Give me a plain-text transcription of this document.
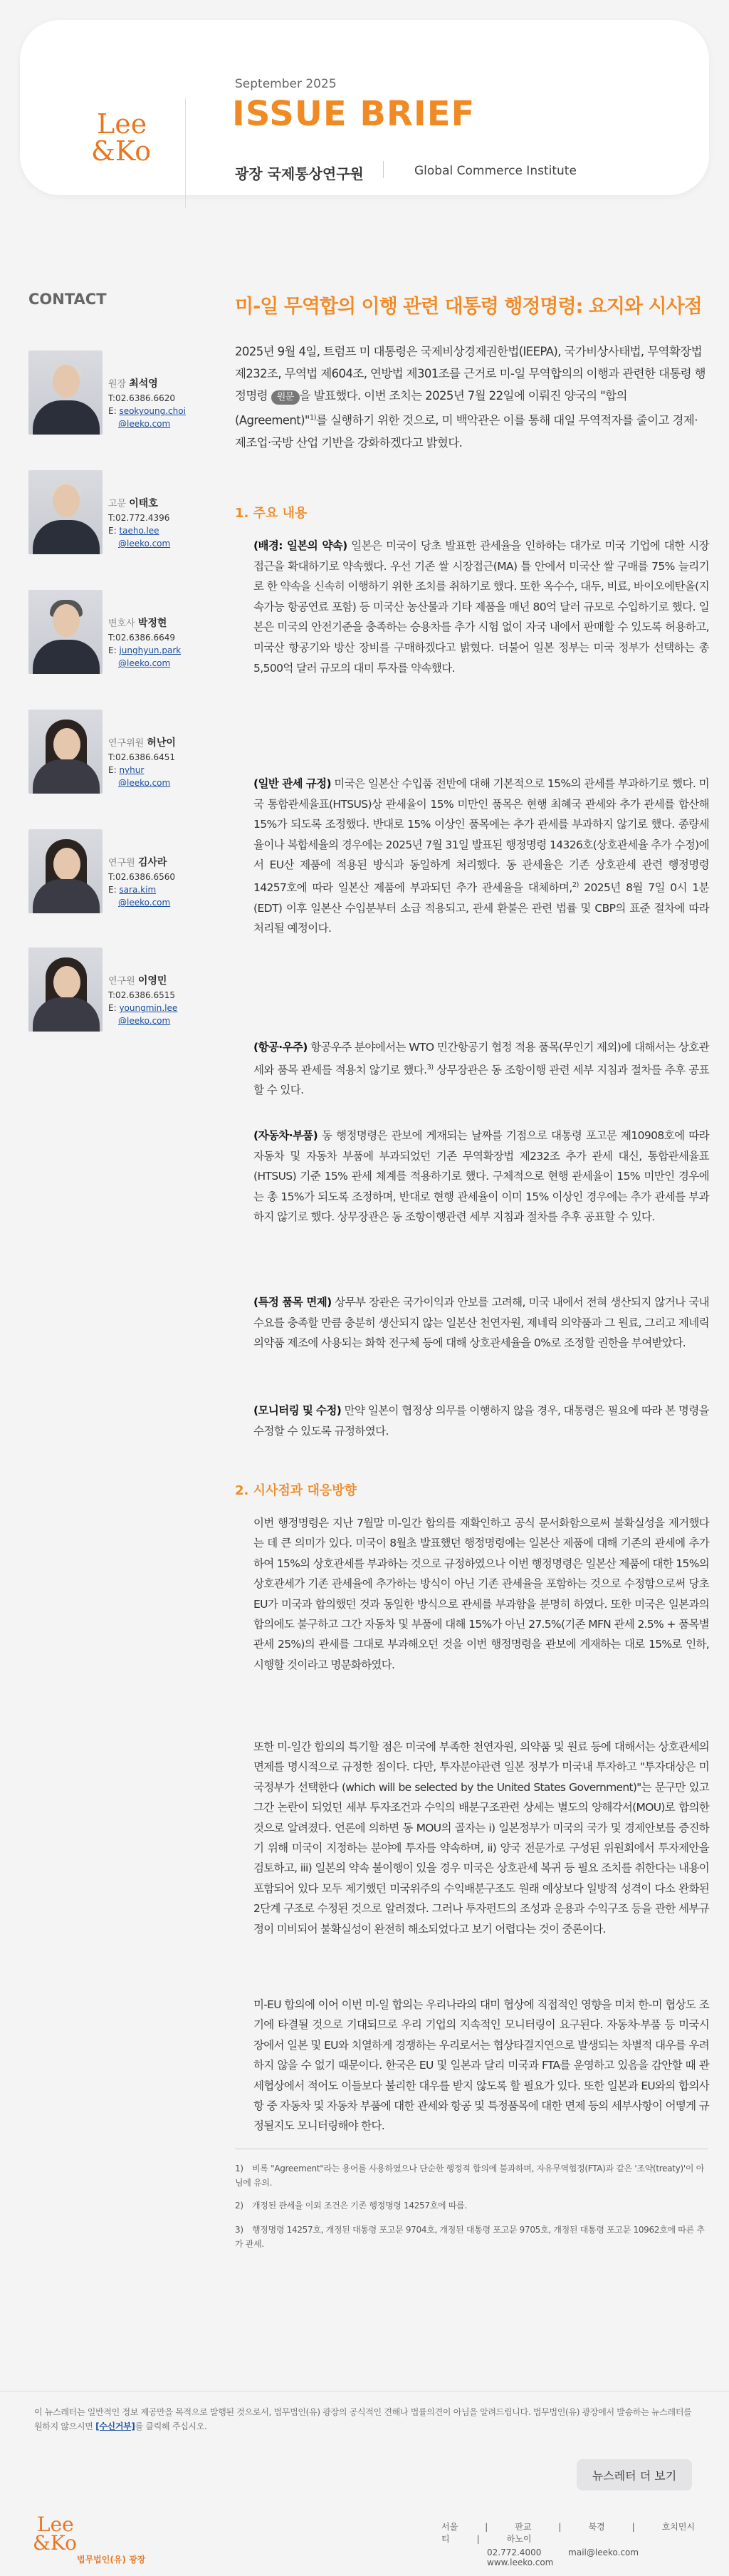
Lee
&Ko
September 2025
ISSUE BRIEF
광장 국제통상연구원	Global Commerce Institute
CONTACT
원장 최석영
T:02.6386.6620
E: seokyoung.choi
@leeko.com
고문 이태호
T:02.772.4396
E: taeho.lee
@leeko.com
변호사 박정현
T:02.6386.6649
E: junghyun.park
@leeko.com
연구위원 허난이
T:02.6386.6451
E: nyhur
@leeko.com
연구원 김사라
T:02.6386.6560
E: sara.kim
@leeko.com
연구원 이영민
T:02.6386.6515
E: youngmin.lee
@leeko.com
미-일 무역합의 이행 관련 대통령 행정명령: 요지와 시사점
2025년 9월 4일, 트럼프 미 대통령은 국제비상경제권한법(IEEPA), 국가비상사태법, 무역확장법 제232조, 무역법 제604조, 연방법 제301조를 근거로 미-일 무역합의의 이행과 관련한 대통령 행정명령 원문 을 발표했다. 이번 조치는 2025년 7월 22일에 이뤄진 양국의 "합의(Agreement)"$^{1)}$를 실행하기 위한 것으로, 미 백악관은 이를 통해 대일 무역적자를 줄이고 경제·제조업·국방 산업 기반을 강화하겠다고 밝혔다.
1. 주요 내용
(배경: 일본의 약속) 일본은 미국이 당초 발표한 관세율을 인하하는 대가로 미국 기업에 대한 시장 접근을 확대하기로 약속했다. 우선 기존 쌀 시장접근(MA) 틀 안에서 미국산 쌀 구매를 75% 늘리기로 한 약속을 신속히 이행하기 위한 조치를 취하기로 했다. 또한 옥수수, 대두, 비료, 바이오에탄올(지속가능 항공연료 포함) 등 미국산 농산물과 기타 제품을 매년 80억 달러 규모로 수입하기로 했다. 일본은 미국의 안전기준을 충족하는 승용차를 추가 시험 없이 자국 내에서 판매할 수 있도록 허용하고, 미국산 항공기와 방산 장비를 구매하겠다고 밝혔다. 더불어 일본 정부는 미국 정부가 선택하는 총 5,500억 달러 규모의 대미 투자를 약속했다.
(일반 관세 규정) 미국은 일본산 수입품 전반에 대해 기본적으로 15%의 관세를 부과하기로 했다. 미국 통합관세율표(HTSUS)상 관세율이 15% 미만인 품목은 현행 최혜국 관세와 추가 관세를 합산해 15%가 되도록 조정했다. 반대로 15% 이상인 품목에는 추가 관세를 부과하지 않기로 했다. 종량세율이나 복합세율의 경우에는 2025년 7월 31일 발표된 행정명령 14326호(상호관세율 추가 수정)에서 EU산 제품에 적용된 방식과 동일하게 처리했다. 동 관세율은 기존 상호관세 관련 행정명령 14257호에 따라 일본산 제품에 부과되던 추가 관세율을 대체하며,$^{2)}$ 2025년 8월 7일 0시 1분(EDT) 이후 일본산 수입분부터 소급 적용되고, 관세 환불은 관련 법률 및 CBP의 표준 절차에 따라 처리될 예정이다.
(항공·우주) 항공우주 분야에서는 WTO 민간항공기 협정 적용 품목(무인기 제외)에 대해서는 상호관세와 품목 관세를 적용치 않기로 했다.$^{3)}$ 상무장관은 동 조항이행 관련 세부 지침과 절차를 추후 공표할 수 있다.
(자동차·부품) 동 행정명령은 관보에 게재되는 날짜를 기점으로 대통령 포고문 제10908호에 따라 자동차 및 자동차 부품에 부과되었던 기존 무역확장법 제232조 추가 관세 대신, 통합관세율표(HTSUS) 기준 15% 관세 체계를 적용하기로 했다. 구체적으로 현행 관세율이 15% 미만인 경우에는 총 15%가 되도록 조정하며, 반대로 현행 관세율이 이미 15% 이상인 경우에는 추가 관세를 부과하지 않기로 했다. 상무장관은 동 조항이행관련 세부 지침과 절차를 추후 공표할 수 있다.
(특정 품목 면제) 상무부 장관은 국가이익과 안보를 고려해, 미국 내에서 전혀 생산되지 않거나 국내 수요를 충족할 만큼 충분히 생산되지 않는 일본산 천연자원, 제네릭 의약품과 그 원료, 그리고 제네릭 의약품 제조에 사용되는 화학 전구체 등에 대해 상호관세율을 0%로 조정할 권한을 부여받았다.
(모니터링 및 수정) 만약 일본이 협정상 의무를 이행하지 않을 경우, 대통령은 필요에 따라 본 명령을 수정할 수 있도록 규정하였다.
2. 시사점과 대응방향
이번 행정명령은 지난 7월말 미-일간 합의를 재확인하고 공식 문서화함으로써 불확실성을 제거했다는 데 큰 의미가 있다. 미국이 8월초 발표했던 행정명령에는 일본산 제품에 대해 기존의 관세에 추가하여 15%의 상호관세를 부과하는 것으로 규정하였으나 이번 행정명령은 일본산 제품에 대한 15%의 상호관세가 기존 관세율에 추가하는 방식이 아닌 기존 관세율을 포함하는 것으로 수정함으로써 당초 EU가 미국과 합의했던 것과 동일한 방식으로 관세를 부과함을 분명히 하였다. 또한 미국은 일본과의 합의에도 불구하고 그간 자동차 및 부품에 대해 15%가 아닌 27.5%(기존 MFN 관세 2.5% + 품목별관세 25%)의 관세를 그대로 부과해오던 것을 이번 행정명령을 관보에 게재하는 대로 15%로 인하, 시행할 것이라고 명문화하였다.
또한 미-일간 합의의 특기할 점은 미국에 부족한 천연자원, 의약품 및 원료 등에 대해서는 상호관세의 면제를 명시적으로 규정한 점이다. 다만, 투자분야관련 일본 정부가 미국내 투자하고 "투자대상은 미국정부가 선택한다 (which will be selected by the United States Government)"는 문구만 있고 그간 논란이 되었던 세부 투자조건과 수익의 배분구조관련 상세는 별도의 양해각서(MOU)로 합의한 것으로 알려졌다. 언론에 의하면 동 MOU의 골자는 i) 일본정부가 미국의 국가 및 경제안보를 증진하기 위해 미국이 지정하는 분야에 투자를 약속하며, ii) 양국 전문가로 구성된 위원회에서 투자제안을 검토하고, iii) 일본의 약속 불이행이 있을 경우 미국은 상호관세 복귀 등 필요 조치를 취한다는 내용이 포함되어 있다 모두 제기했던 미국위주의 수익배분구조도 원래 예상보다 일방적 성격이 다소 완화된 2단계 구조로 수정된 것으로 알려졌다. 그러나 투자펀드의 조성과 운용과 수익구조 등을 관한 세부규정이 미비되어 불확실성이 완전히 해소되었다고 보기 어렵다는 것이 중론이다.
미-EU 합의에 이어 이번 미-일 합의는 우리나라의 대미 협상에 직접적인 영향을 미쳐 한-미 협상도 조기에 타결될 것으로 기대되므로 우리 기업의 지속적인 모니터링이 요구된다. 자동차·부품 등 미국시장에서 일본 및 EU와 치열하게 경쟁하는 우리로서는 협상타결지연으로 발생되는 차별적 대우를 우려하지 않을 수 없기 때문이다. 한국은 EU 및 일본과 달리 미국과 FTA를 운영하고 있음을 감안할 때 관세협상에서 적어도 이들보다 불리한 대우를 받지 않도록 할 필요가 있다. 또한 일본과 EU와의 합의사항 중 자동차 및 자동차 부품에 대한 관세와 항공 및 특정품목에 대한 면제 등의 세부사항이 어떻게 규정될지도 모니터링해야 한다.
1) 비록 "Agreement"라는 용어를 사용하였으나 단순한 행정적 합의에 불과하며, 자유무역협정(FTA)과 같은 '조약(treaty)'이 아님에 유의.
2) 개정된 관세율 이외 조건은 기존 행정명령 14257호에 따름.
3) 행정명령 14257호, 개정된 대통령 포고문 9704호, 개정된 대통령 포고문 9705호, 개정된 대통령 포고문 10962호에 따른 추가 관세.
이 뉴스레터는 일반적인 정보 제공만을 목적으로 발행된 것으로서, 법무법인(유) 광장의 공식적인 견해나 법률의견이 아님을 알려드립니다. 법무법인(유) 광장에서 발송하는 뉴스레터를 원하지 않으시면 [수신거부]를 클릭해 주십시오.
뉴스레터 더 보기
Lee
&Ko
법무법인(유) 광장
서울	|	판교	|	북경	|	호치민시티	|	하노이
02.772.4000	mail@leeko.com www.leeko.com
